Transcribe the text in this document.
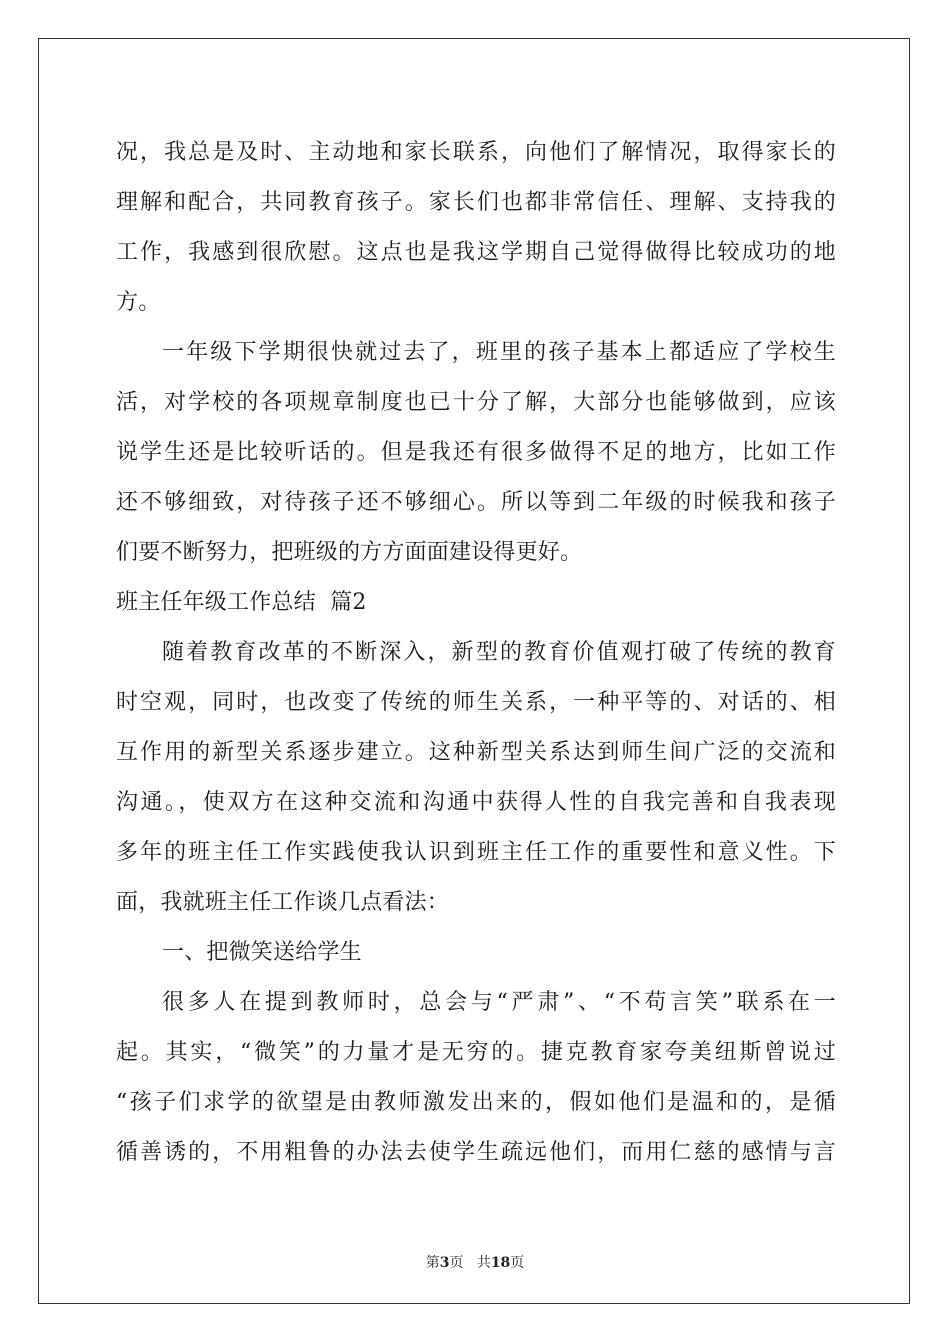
况，我总是及时、主动地和家长联系，向他们了解情况，取得家长的
理解和配合，共同教育孩子。家长们也都非常信任、理解、支持我的
工作，我感到很欣慰。这点也是我这学期自己觉得做得比较成功的地
方。
一年级下学期很快就过去了，班里的孩子基本上都适应了学校生
活，对学校的各项规章制度也已十分了解，大部分也能够做到，应该
说学生还是比较听话的。但是我还有很多做得不足的地方，比如工作
还不够细致，对待孩子还不够细心。所以等到二年级的时候我和孩子
们要不断努力，把班级的方方面面建设得更好。
班主任年级工作总结  篇2
随着教育改革的不断深入，新型的教育价值观打破了传统的教育
时空观，同时，也改变了传统的师生关系，一种平等的、对话的、相
互作用的新型关系逐步建立。这种新型关系达到师生间广泛的交流和
沟通。，使双方在这种交流和沟通中获得人性的自我完善和自我表现
多年的班主任工作实践使我认识到班主任工作的重要性和意义性。下
面，我就班主任工作谈几点看法：
一、把微笑送给学生
很多人在提到教师时，总会与“严肃”、“不苟言笑”联系在一
起。其实，“微笑”的力量才是无穷的。捷克教育家夸美纽斯曾说过
“孩子们求学的欲望是由教师激发出来的，假如他们是温和的，是循
循善诱的，不用粗鲁的办法去使学生疏远他们，而用仁慈的感情与言
第3页 共18页
